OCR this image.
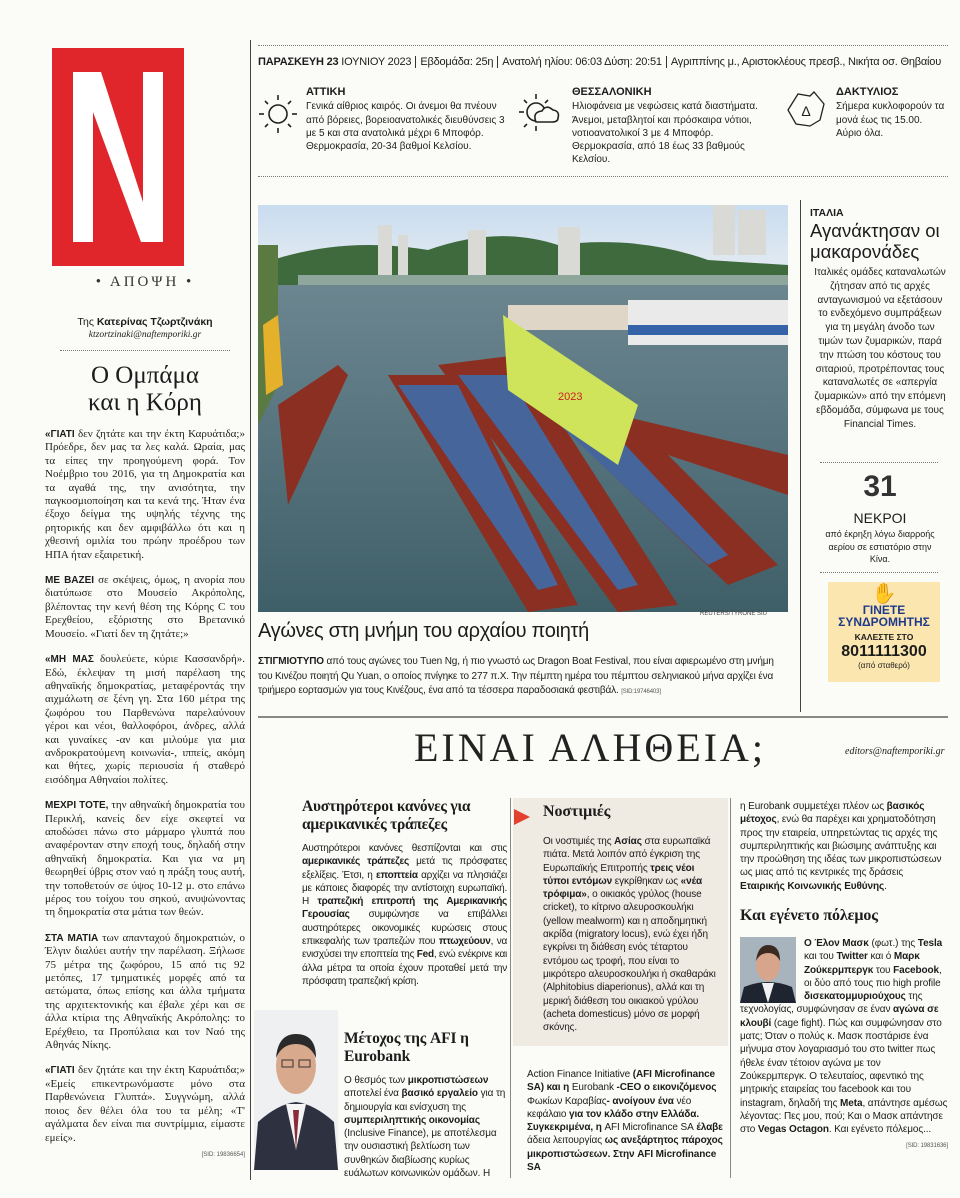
• ΑΠΟΨΗ •
Της Κατερίνας Τζωρτζινάκη
ktzortzinaki@naftemporiki.gr
Ο Ομπάμα
και η Κόρη

«ΓΙΑΤΙ δεν ζητάτε και την έκτη Καρυάτιδα;» Πρόεδρε, δεν μας τα λες καλά. Ωραία, μας τα είπες την προηγούμενη φορά. Τον Νοέμβριο του 2016, για τη Δημοκρατία και τα αγαθά της, την ανισότητα, την παγκοσμιοποίηση και τα κενά της. Ήταν ένα έξοχο δείγμα της υψηλής τέχνης της ρητορικής και δεν αμφιβάλλω ότι και η χθεσινή ομιλία του πρώην προέδρου των ΗΠΑ ήταν εξαιρετική.

ΜΕ ΒΑΖΕΙ σε σκέψεις, όμως, η ανορία που διατύπωσε στο Μουσείο Ακρόπολης, βλέποντας την κενή θέση της Κόρης C του Ερεχθείου, εξόριστης στο Βρετανικό Μουσείο. «Γιατί δεν τη ζητάτε;»

«ΜΗ ΜΑΣ δουλεύετε, κύριε Κασσανδρή». Εδώ, έκλεψαν τη μισή παρέλαση της αθηναϊκής δημοκρατίας, μεταφέροντάς την αιχμάλωτη σε ξένη γη. Στα 160 μέτρα της ζωφόρου του Παρθενώνα παρελαύνουν γέροι και νέοι, θαλλοφόροι, άνδρες, αλλά και γυναίκες -αν και μιλούμε για μια ανδροκρατούμενη κοινωνία-, ιππείς, ακόμη και θήτες, χωρίς περιουσία ή σταθερό εισόδημα Αθηναίοι πολίτες.

ΜΕΧΡΙ ΤΟΤΕ, την αθηναϊκή δημοκρατία του Περικλή, κανείς δεν είχε σκεφτεί να αποδώσει πάνω στο μάρμαρο γλυπτά που αναφέρονταν στην εποχή τους, δηλαδή στην αθηναϊκή δημοκρατία. Και για να μη θεωρηθεί ύβρις στον ναό η πράξη τους αυτή, την τοποθετούν σε ύψος 10-12 μ. στο επάνω μέρος του τοίχου του σηκού, ανυψώνοντας τη δημοκρατία στα μάτια των θεών.

ΣΤΑ ΜΑΤΙΑ των απανταχού δημοκρατιών, ο Έλγιν διαλύει αυτήν την παρέλαση. Ξήλωσε 75 μέτρα της ζωφόρου, 15 από τις 92 μετόπες, 17 τμηματικές μορφές από τα αετώματα, όπως επίσης και άλλα τμήματα της αρχιτεκτονικής και έβαλε χέρι και σε άλλα κτίρια της Αθηναϊκής Ακρόπολης: το Ερέχθειο, τα Προπύλαια και τον Ναό της Αθηνάς Νίκης.

«ΓΙΑΤΙ δεν ζητάτε και την έκτη Καρυάτιδα;» «Εμείς επικεντρωνόμαστε μόνο στα Παρθενώνεια Γλυπτά». Συγγνώμη, αλλά ποιος δεν θέλει όλα του τα μέλη; «Τ' αγάλματα δεν είναι πια συντρίμμια, είμαστε εμείς».

[SID: 19836654]
ΠΑΡΑΣΚΕΥΗ 23 ΙΟΥΝΙΟΥ 2023 Εβδομάδα: 25η Ανατολή ηλίου: 06:03 Δύση: 20:51 Αγριππίνης μ., Αριστοκλέους πρεσβ., Νικήτα οσ. Θηβαίου
ΑΤΤΙΚΗ
Γενικά αίθριος καιρός. Οι άνεμοι θα πνέουν από βόρειες, βορειοανατολικές διευθύνσεις 3 με 5 και στα ανατολικά μέχρι 6 Μποφόρ. Θερμοκρασία, 20-34 βαθμοί Κελσίου.
ΘΕΣΣΑΛΟΝΙΚΗ
Ηλιοφάνεια με νεφώσεις κατά διαστήματα. Άνεμοι, μεταβλητοί και πρόσκαιρα νότιοι, νοτιοανατολικοί 3 με 4 Μποφόρ. Θερμοκρασία, από 18 έως 33 βαθμούς Κελσίου.
Δ
ΔΑΚΤΥΛΙΟΣ
Σήμερα κυκλοφορούν τα μονά έως τις 15.00. Αύριο όλα.
2023
REUTERS/TYRONE SIU
Αγώνες στη μνήμη του αρχαίου ποιητή
ΣΤΙΓΜΙΟΤΥΠΟ από τους αγώνες του Tuen Ng, ή πιο γνωστό ως Dragon Boat Festival, που είναι αφιερωμένο στη μνήμη του Κινέζου ποιητή Qu Yuan, ο οποίος πνίγηκε το 277 π.Χ. Την πέμπτη ημέρα του πέμπτου σεληνιακού μήνα αρχίζει ένα τριήμερο εορτασμών για τους Κινέζους, ένα από τα τέσσερα παραδοσιακά φεστιβάλ. [SID:19746403]
ΙΤΑΛΙΑ
Αγανάκτησαν οι μακαρονάδες
Ιταλικές ομάδες καταναλωτών ζήτησαν από τις αρχές ανταγωνισμού να εξετάσουν το ενδεχόμενο συμπράξεων για τη μεγάλη άνοδο των τιμών των ζυμαρικών, παρά την πτώση του κόστους του σιταριού, προτρέποντας τους καταναλωτές σε «απεργία ζυμαρικών» από την επόμενη εβδομάδα, σύμφωνα με τους Financial Times.
31
ΝΕΚΡΟΙ
από έκρηξη λόγω διαρροής αερίου σε εστιατόριο στην Κίνα.
✋
ΓΙΝΕΤΕ
ΣΥΝΔΡΟΜΗΤΗΣ
ΚΑΛΕΣΤΕ ΣΤΟ
8011111300
(από σταθερό)
ΕΙΝΑΙ ΑΛΗΘΕΙΑ;	editors@naftemporiki.gr
Αυστηρότεροι κανόνες για αμερικανικές τράπεζες
Αυστηρότεροι κανόνες θεσπίζονται και στις αμερικανικές τράπεζες μετά τις πρόσφατες εξελίξεις. Έτσι, η εποπτεία αρχίζει να πλησιάζει με κάποιες διαφορές την αντίστοιχη ευρωπαϊκή. Η τραπεζική επιτροπή της Αμερικανικής Γερουσίας συμφώνησε να επιβάλλει αυστηρότερες οικονομικές κυρώσεις στους επικεφαλής των τραπεζών που πτωχεύουν, να ενισχύσει την εποπτεία της Fed, ενώ ενέκρινε και άλλα μέτρα τα οποία έχουν προταθεί μετά την πρόσφατη τραπεζική κρίση.
Μέτοχος της AFI η Eurobank
Ο θεσμός των μικροπιστώσεων αποτελεί ένα βασικό εργαλείο για τη δημιουργία και ενίσχυση της συμπεριληπτικής οικονομίας (Inclusive Finance), με αποτέλεσμα την ουσιαστική βελτίωση των συνθηκών διαβίωσης κυρίως ευάλωτων κοινωνικών ομάδων. Η
Νοστιμιές
Οι νοστιμιές της Ασίας στα ευρωπαϊκά πιάτα. Μετά λοιπόν από έγκριση της Ευρωπαϊκής Επιτροπής τρεις νέοι τύποι εντόμων εγκρίθηκαν ως «νέα τρόφιμα», ο οικιακός γρύλος (house cricket), το κίτρινο αλευροσκουλήκι (yellow mealworm) και η αποδημητική ακρίδα (migratory locus), ενώ έχει ήδη εγκρίνει τη διάθεση ενός τέταρτου εντόμου ως τροφή, που είναι το μικρότερο αλευροσκουλήκι ή σκαθαράκι (Alphitobius diaperionus), αλλά και τη μερική διάθεση του οικιακού γρύλου (acheta domesticus) μόνο σε μορφή σκόνης.
Action Finance Initiative (AFI Microfinance SA) και η Eurobank -CEO ο εικονιζόμενος Φωκίων Καραβίας- ανοίγουν ένα νέο κεφάλαιο για τον κλάδο στην Ελλάδα. Συγκεκριμένα, η AFI Microfinance SA έλαβε άδεια λειτουργίας ως ανεξάρτητος πάροχος μικροπιστώσεων. Στην AFI Microfinance SA
η Eurobank συμμετέχει πλέον ως βασικός μέτοχος, ενώ θα παρέχει και χρηματοδότηση προς την εταιρεία, υπηρετώντας τις αρχές της συμπεριληπτικής και βιώσιμης ανάπτυξης και την προώθηση της ιδέας των μικροπιστώσεων ως μιας από τις κεντρικές της δράσεις Εταιρικής Κοινωνικής Ευθύνης.
Και εγένετο πόλεμος
Ο Έλον Μασκ (φωτ.) της Tesla και του Twitter και ό Μαρκ Ζούκερμπεργκ του Facebook, οι δύο από τους πιο high profile δισεκατομμυριούχους της τεχνολογίας, συμφώνησαν σε έναν αγώνα σε κλουβί (cage fight). Πώς και συμφώνησαν στο ματς; Όταν ο πολύς κ. Μασκ ποστάρισε ένα μήνυμα στον λογαριασμό του στο twitter πως ήθελε έναν τέτοιον αγώνα με τον Ζούκερμπεργκ. Ο τελευταίος, αφεντικό της μητρικής εταιρείας του facebook και του instagram, δηλαδή της Meta, απάντησε αμέσως λέγοντας: Πες μου, πού; Και ο Μασκ απάντησε στο Vegas Octagon. Και εγένετο πόλεμος...
[SID: 19831636]
